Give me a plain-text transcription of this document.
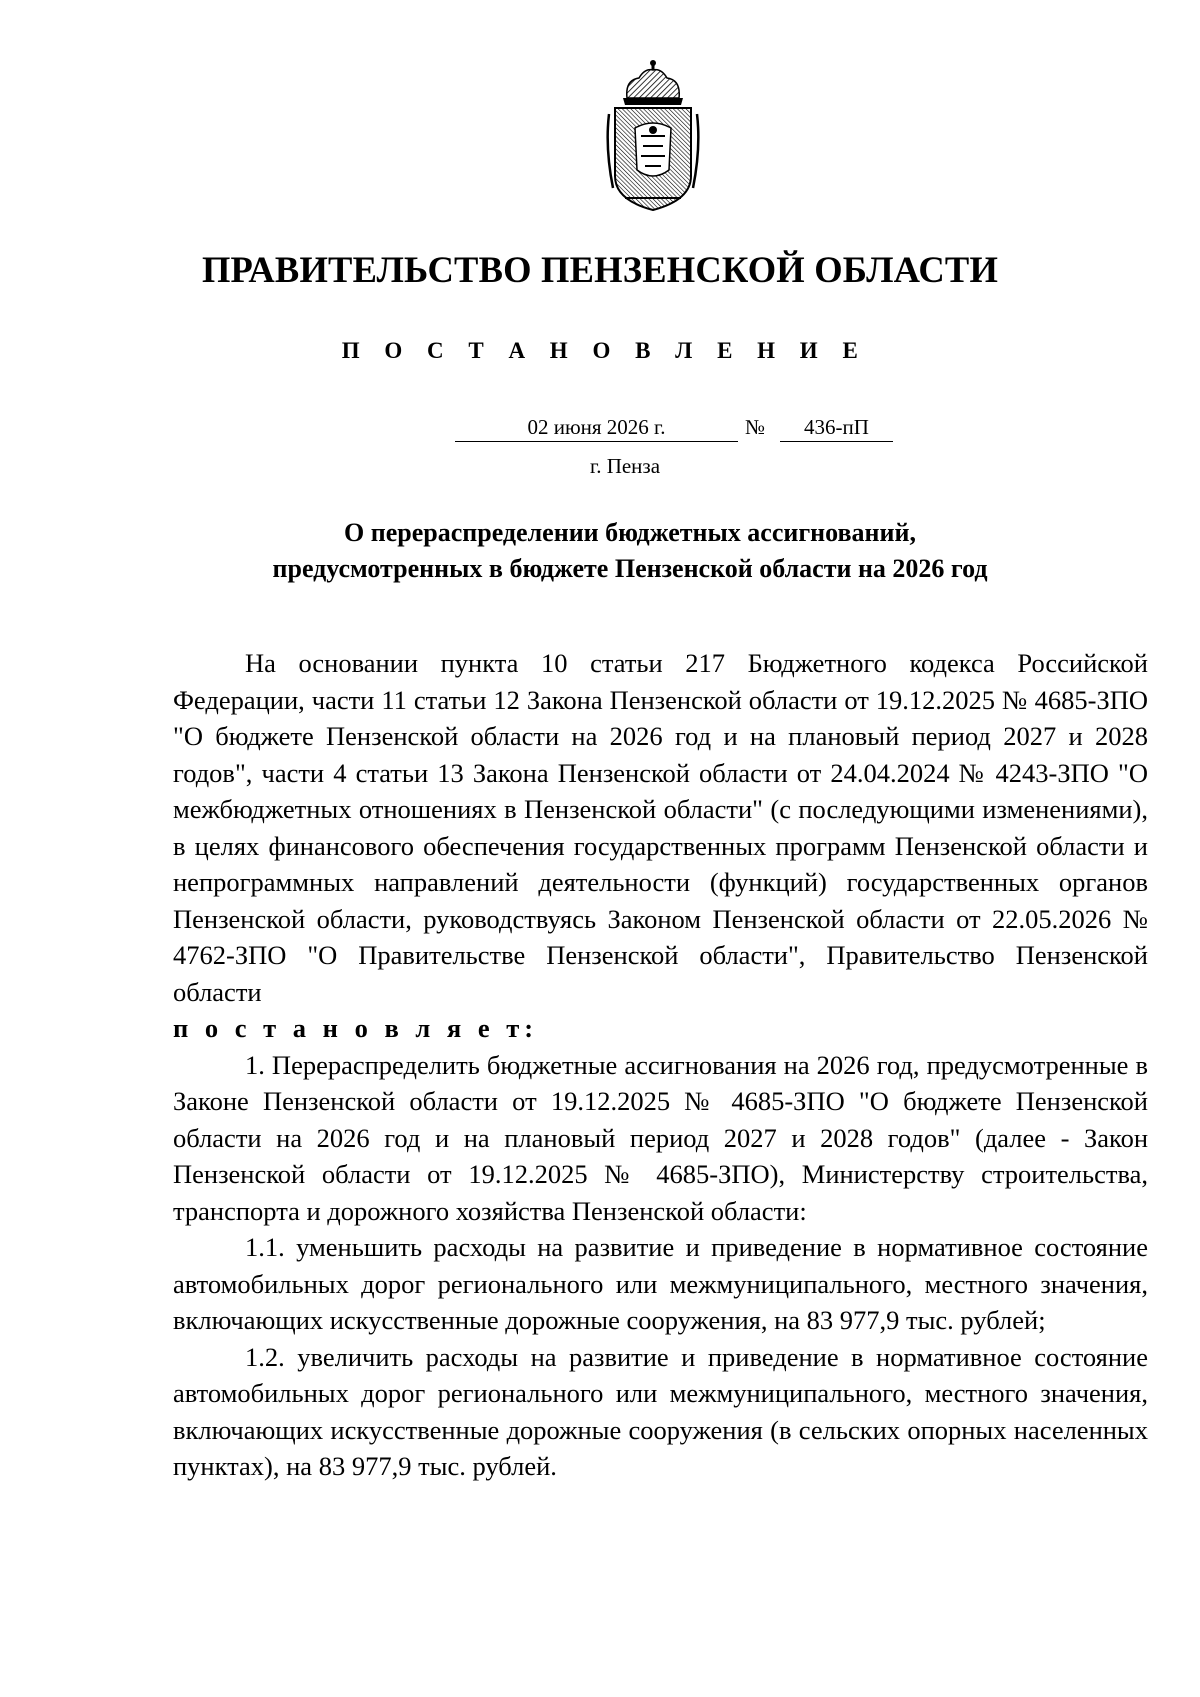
ПРАВИТЕЛЬСТВО ПЕНЗЕНСКОЙ ОБЛАСТИ
П О С Т А Н О В Л Е Н И Е
02 июня 2026 г.	№	436-пП
г. Пенза
О перераспределении бюджетных ассигнований,
предусмотренных в бюджете Пензенской области на 2026 год

На основании пункта 10 статьи 217 Бюджетного кодекса Российской Федерации, части 11 статьи 12 Закона Пензенской области от 19.12.2025 № 4685-ЗПО "О бюджете Пензенской области на 2026 год и на плановый период 2027 и 2028 годов", части 4 статьи 13 Закона Пензенской области от 24.04.2024 № 4243-ЗПО "О межбюджетных отношениях в Пензенской области" (с последующими изменениями), в целях финансового обеспечения государственных программ Пензенской области и непрограммных направлений деятельности (функций) государственных органов Пензенской области, руководствуясь Законом Пензенской области от 22.05.2026 № 4762-ЗПО "О Правительстве Пензенской области", Правительство Пензенской области

п о с т а н о в л я е т:

1. Перераспределить бюджетные ассигнования на 2026 год, предусмотренные в Законе Пензенской области от 19.12.2025 № 4685-ЗПО "О бюджете Пензенской области на 2026 год и на плановый период 2027 и 2028 годов" (далее - Закон Пензенской области от 19.12.2025 № 4685-ЗПО), Министерству строительства, транспорта и дорожного хозяйства Пензенской области:

1.1. уменьшить расходы на развитие и приведение в нормативное состояние автомобильных дорог регионального или межмуниципального, местного значения, включающих искусственные дорожные сооружения, на 83 977,9 тыс. рублей;

1.2. увеличить расходы на развитие и приведение в нормативное состояние автомобильных дорог регионального или межмуниципального, местного значения, включающих искусственные дорожные сооружения (в сельских опорных населенных пунктах), на 83 977,9 тыс. рублей.
